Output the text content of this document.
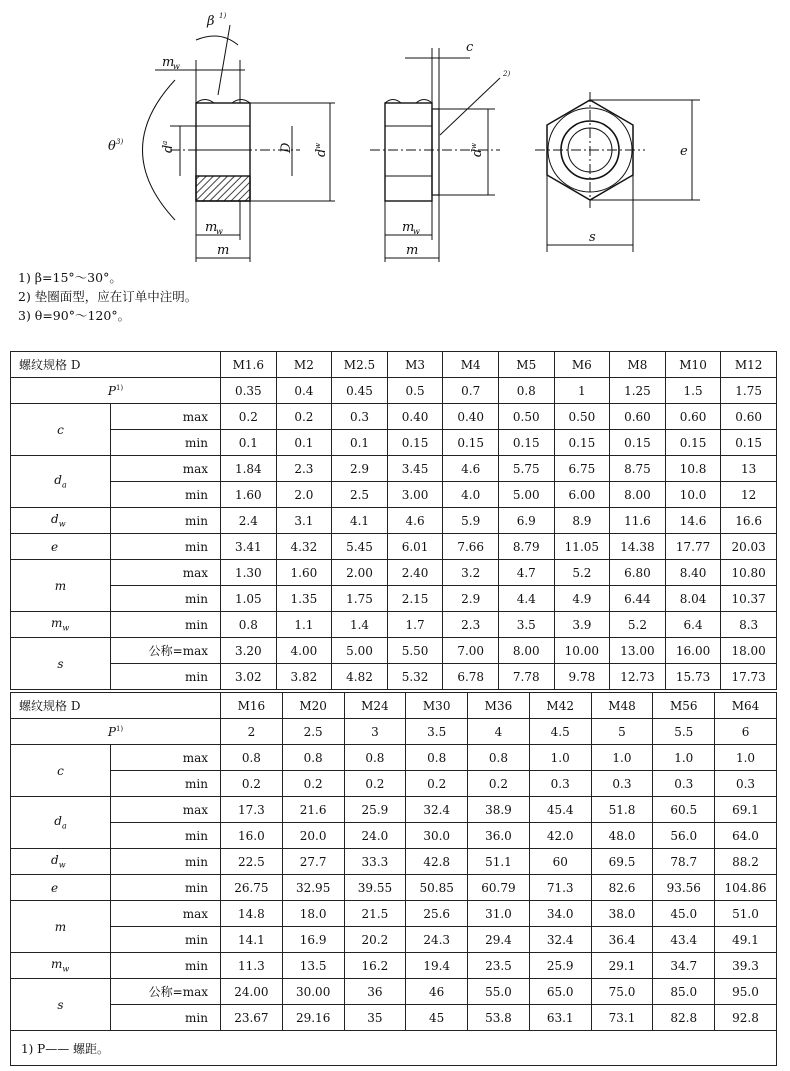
β 1)
m
w
θ 3)
d
a	D d
w
m
w
m
c
2)
d
w
m
w
m
e
s
1) β=15°～30°。
2) 垫圈面型，应在订单中注明。
3) θ=90°～120°。
螺纹规格 D		M1.6	M2	M2.5	M3	M4	M5	M6	M8	M10	M12
$P^{1)}$		0.35	0.4	0.45	0.5	0.7	0.8	1	1.25	1.5	1.75
c	max	0.2	0.2	0.3	0.40	0.40	0.50	0.50	0.60	0.60	0.60
	min	0.1	0.1	0.1	0.15	0.15	0.15	0.15	0.15	0.15	0.15
$d_a$	max	1.84	2.3	2.9	3.45	4.6	5.75	6.75	8.75	10.8	13
	min	1.60	2.0	2.5	3.00	4.0	5.00	6.00	8.00	10.0	12
$d_w$	min	2.4	3.1	4.1	4.6	5.9	6.9	8.9	11.6	14.6	16.6
e	min	3.41	4.32	5.45	6.01	7.66	8.79	11.05	14.38	17.77	20.03
m	max	1.30	1.60	2.00	2.40	3.2	4.7	5.2	6.80	8.40	10.80
	min	1.05	1.35	1.75	2.15	2.9	4.4	4.9	6.44	8.04	10.37
$m_w$	min	0.8	1.1	1.4	1.7	2.3	3.5	3.9	5.2	6.4	8.3
s	公称=max	3.20	4.00	5.00	5.50	7.00	8.00	10.00	13.00	16.00	18.00
	min	3.02	3.82	4.82	5.32	6.78	7.78	9.78	12.73	15.73	17.73
螺纹规格 D		M16	M20	M24	M30	M36	M42	M48	M56	M64
$P^{1)}$		2	2.5	3	3.5	4	4.5	5	5.5	6
c	max	0.8	0.8	0.8	0.8	0.8	1.0	1.0	1.0	1.0
	min	0.2	0.2	0.2	0.2	0.2	0.3	0.3	0.3	0.3
$d_a$	max	17.3	21.6	25.9	32.4	38.9	45.4	51.8	60.5	69.1
	min	16.0	20.0	24.0	30.0	36.0	42.0	48.0	56.0	64.0
$d_w$	min	22.5	27.7	33.3	42.8	51.1	60	69.5	78.7	88.2
e	min	26.75	32.95	39.55	50.85	60.79	71.3	82.6	93.56	104.86
m	max	14.8	18.0	21.5	25.6	31.0	34.0	38.0	45.0	51.0
	min	14.1	16.9	20.2	24.3	29.4	32.4	36.4	43.4	49.1
$m_w$	min	11.3	13.5	16.2	19.4	23.5	25.9	29.1	34.7	39.3
s	公称=max	24.00	30.00	36	46	55.0	65.0	75.0	85.0	95.0
	min	23.67	29.16	35	45	53.8	63.1	73.1	82.8	92.8
1) P—— 螺距。										
